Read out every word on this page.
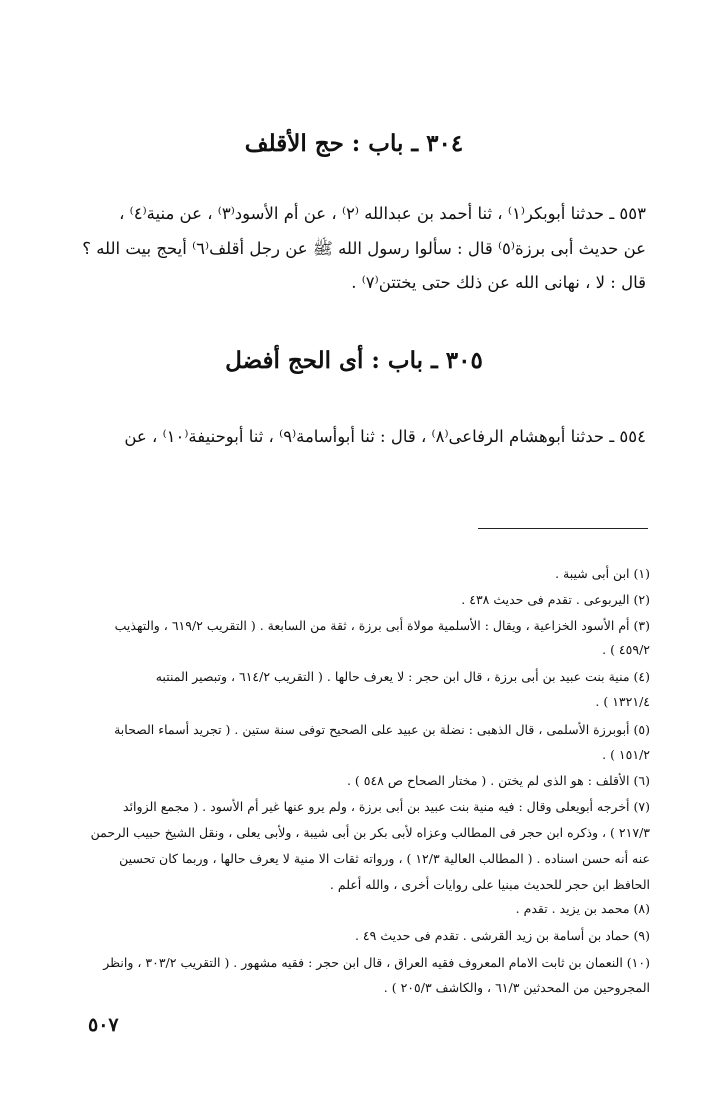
٣٠٤ ـ باب : حج الأقلف
٥٥٣ ـ حدثنا أبوبكر⁽١⁾ ، ثنا أحمد بن عبدالله ⁽٢⁾ ، عن أم الأسود⁽٣⁾ ، عن منية⁽٤⁾ ،
عن حديث أبى برزة⁽٥⁾ قال : سألوا رسول الله ﷺ عن رجل أقلف⁽٦⁾ أيحج بيت الله ؟
قال : لا ، نهانى الله عن ذلك حتى يختتن⁽٧⁾ .
٣٠٥ ـ باب : أى الحج أفضل
٥٥٤ ـ حدثنا أبوهشام الرفاعى⁽٨⁾ ، قال : ثنا أبوأسامة⁽٩⁾ ، ثنا أبوحنيفة⁽١٠⁾ ، عن
(١) ابن أبى شيبة .
(٢) اليربوعى . تقدم فى حديث ٤٣٨ .
(٣) أم الأسود الخزاعية ، ويقال : الأسلمية مولاة أبى برزة ، ثقة من السابعة . ( التقريب ٦١٩/٢ ، والتهذيب
٤٥٩/٢ ) .
(٤) منية بنت عبيد بن أبى برزة ، قال ابن حجر : لا يعرف حالها . ( التقريب ٦١٤/٢ ، وتبصير المنتبه
١٣٢١/٤ ) .
(٥) أبوبرزة الأسلمى ، قال الذهبى : نضلة بن عبيد على الصحيح توفى سنة ستين . ( تجريد أسماء الصحابة
١٥١/٢ ) .
(٦) الأقلف : هو الذى لم يختن . ( مختار الصحاح ص ٥٤٨ ) .
(٧) أخرجه أبويعلى وقال : فيه منية بنت عبيد بن أبى برزة ، ولم يرو عنها غير أم الأسود . ( مجمع الزوائد
٢١٧/٣ ) ، وذكره ابن حجر فى المطالب وعزاه لأبى بكر بن أبى شيبة ، ولأبى يعلى ، ونقل الشيخ حبيب الرحمن
عنه أنه حسن اسناده . ( المطالب العالية ١٢/٣ ) ، ورواته ثقات الا منية لا يعرف حالها ، وربما كان تحسين
الحافظ ابن حجر للحديث مبنيا على روايات أخرى ، والله أعلم .
(٨) محمد بن يزيد . تقدم .
(٩) حماد بن أسامة بن زيد القرشى . تقدم فى حديث ٤٩ .
(١٠) النعمان بن ثابت الامام المعروف فقيه العراق ، قال ابن حجر : فقيه مشهور . ( التقريب ٣٠٣/٢ ، وانظر
المجروحين من المحدثين ٦١/٣ ، والكاشف ٢٠٥/٣ ) .
٥٠٧
